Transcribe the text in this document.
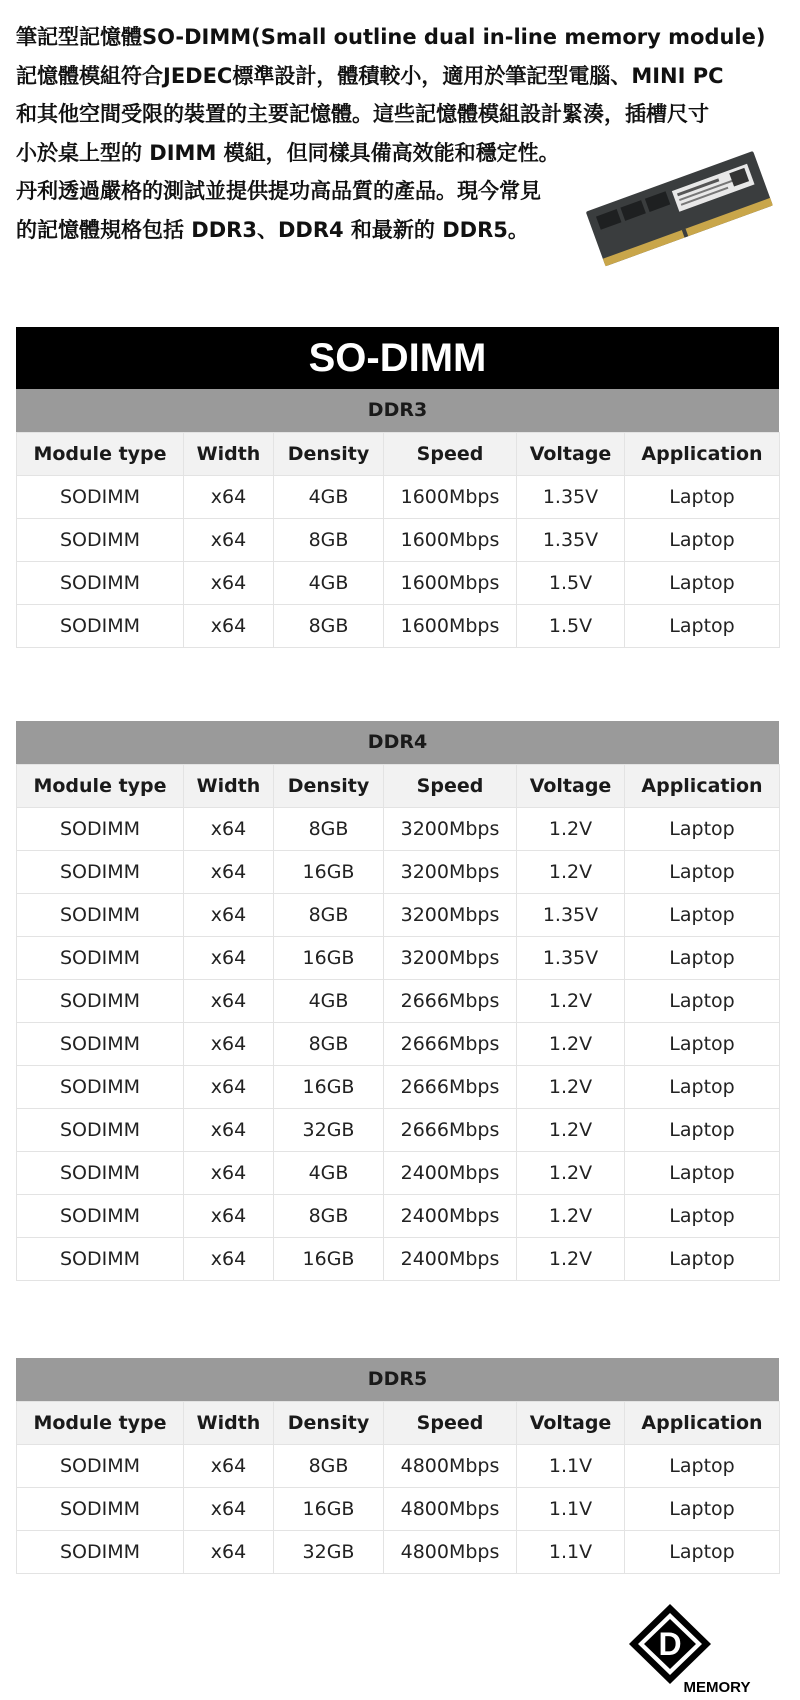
筆記型記憶體SO-DIMM(Small outline dual in-line memory module)
記憶體模組符合JEDEC標準設計，體積較小，適用於筆記型電腦、MINI PC
和其他空間受限的裝置的主要記憶體。這些記憶體模組設計緊湊，插槽尺寸
小於桌上型的 DIMM 模組，但同樣具備高效能和穩定性。
丹利透過嚴格的測試並提供提功高品質的產品。現今常見
的記憶體規格包括 DDR3、DDR4 和最新的 DDR5。
SO-DIMM
DDR3
Module type	Width	Density	Speed	Voltage	Application
SODIMM	x64	4GB	1600Mbps	1.35V	Laptop
SODIMM	x64	8GB	1600Mbps	1.35V	Laptop
SODIMM	x64	4GB	1600Mbps	1.5V	Laptop
SODIMM	x64	8GB	1600Mbps	1.5V	Laptop
DDR4
Module type	Width	Density	Speed	Voltage	Application
SODIMM	x64	8GB	3200Mbps	1.2V	Laptop
SODIMM	x64	16GB	3200Mbps	1.2V	Laptop
SODIMM	x64	8GB	3200Mbps	1.35V	Laptop
SODIMM	x64	16GB	3200Mbps	1.35V	Laptop
SODIMM	x64	4GB	2666Mbps	1.2V	Laptop
SODIMM	x64	8GB	2666Mbps	1.2V	Laptop
SODIMM	x64	16GB	2666Mbps	1.2V	Laptop
SODIMM	x64	32GB	2666Mbps	1.2V	Laptop
SODIMM	x64	4GB	2400Mbps	1.2V	Laptop
SODIMM	x64	8GB	2400Mbps	1.2V	Laptop
SODIMM	x64	16GB	2400Mbps	1.2V	Laptop
DDR5
Module type	Width	Density	Speed	Voltage	Application
SODIMM	x64	8GB	4800Mbps	1.1V	Laptop
SODIMM	x64	16GB	4800Mbps	1.1V	Laptop
SODIMM	x64	32GB	4800Mbps	1.1V	Laptop
D
MEMORY
